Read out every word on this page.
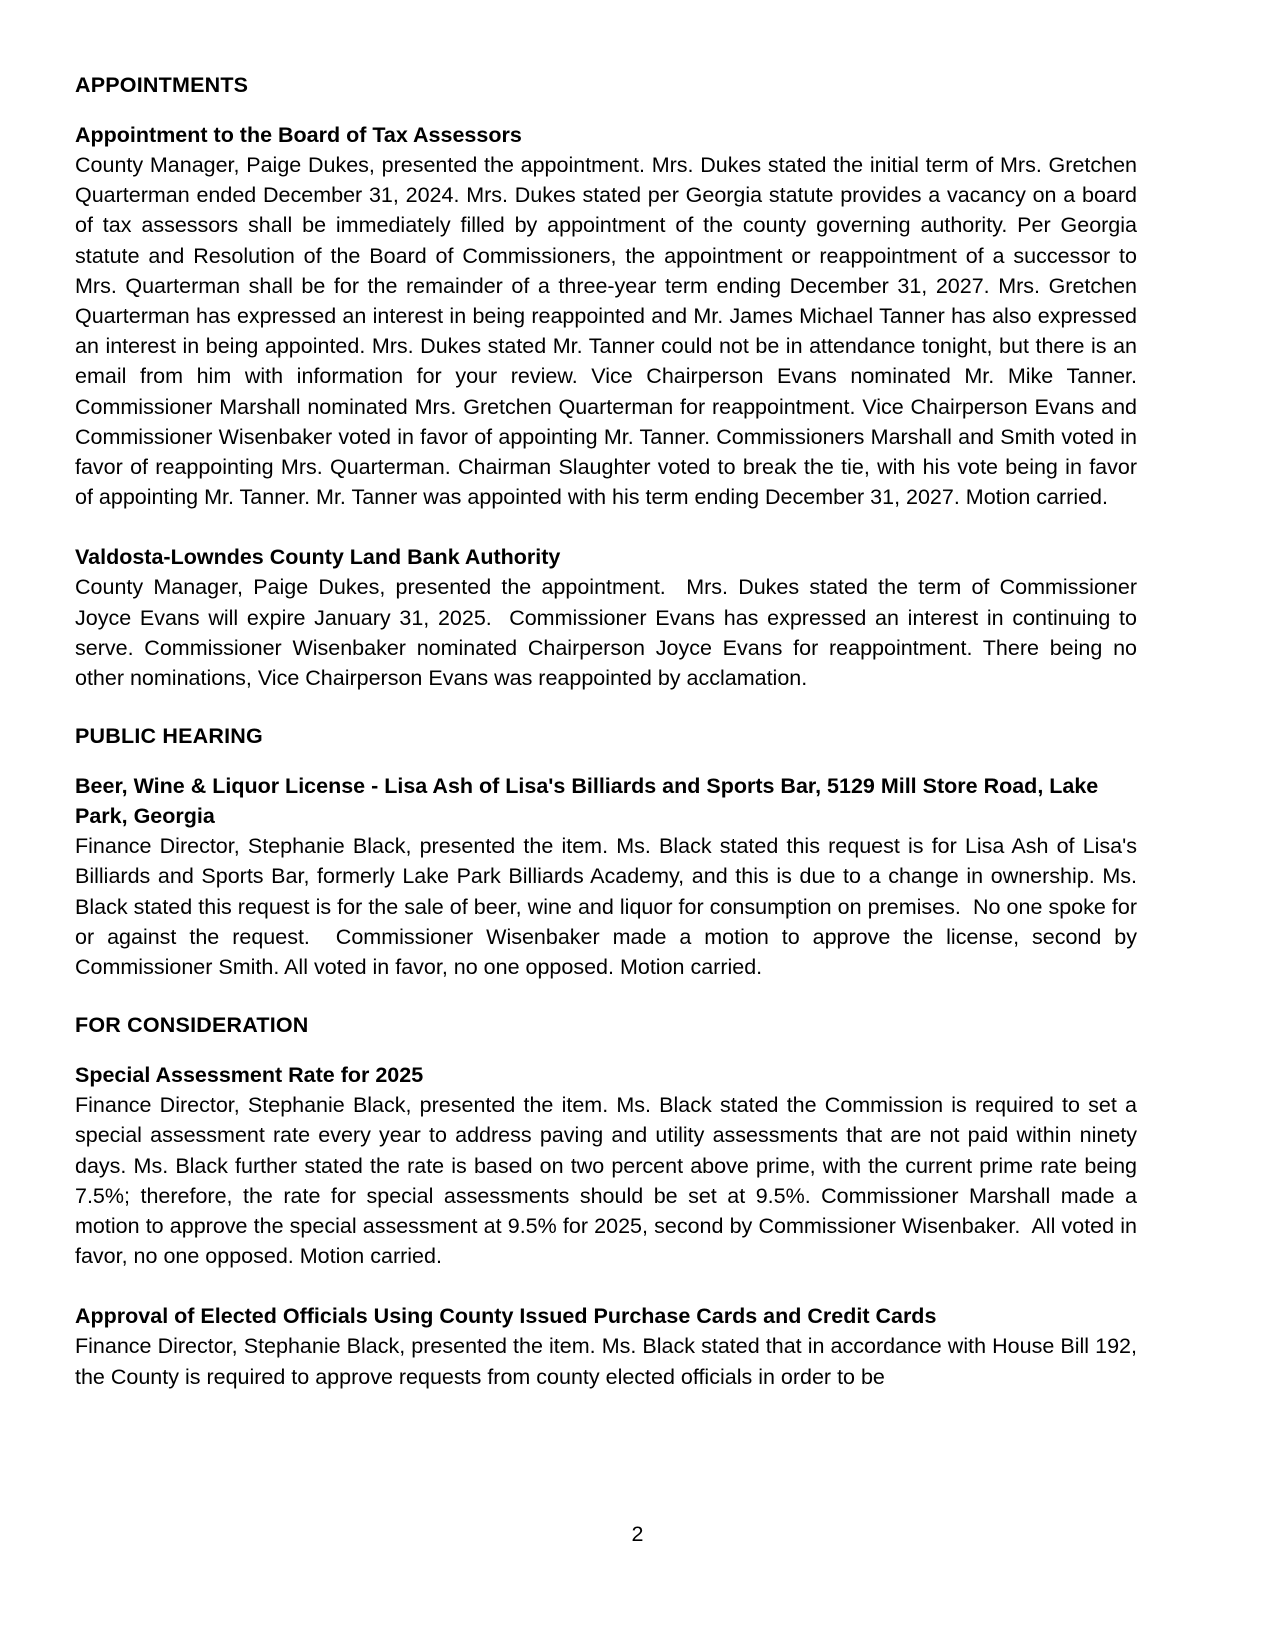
APPOINTMENTS
Appointment to the Board of Tax Assessors
County Manager, Paige Dukes, presented the appointment. Mrs. Dukes stated the initial term of Mrs. Gretchen Quarterman ended December 31, 2024. Mrs. Dukes stated per Georgia statute provides a vacancy on a board of tax assessors shall be immediately filled by appointment of the county governing authority. Per Georgia statute and Resolution of the Board of Commissioners, the appointment or reappointment of a successor to Mrs. Quarterman shall be for the remainder of a three-year term ending December 31, 2027. Mrs. Gretchen Quarterman has expressed an interest in being reappointed and Mr. James Michael Tanner has also expressed an interest in being appointed. Mrs. Dukes stated Mr. Tanner could not be in attendance tonight, but there is an email from him with information for your review. Vice Chairperson Evans nominated Mr. Mike Tanner. Commissioner Marshall nominated Mrs. Gretchen Quarterman for reappointment. Vice Chairperson Evans and Commissioner Wisenbaker voted in favor of appointing Mr. Tanner. Commissioners Marshall and Smith voted in favor of reappointing Mrs. Quarterman. Chairman Slaughter voted to break the tie, with his vote being in favor of appointing Mr. Tanner. Mr. Tanner was appointed with his term ending December 31, 2027. Motion carried.
Valdosta-Lowndes County Land Bank Authority
County Manager, Paige Dukes, presented the appointment.  Mrs. Dukes stated the term of Commissioner Joyce Evans will expire January 31, 2025.  Commissioner Evans has expressed an interest in continuing to serve. Commissioner Wisenbaker nominated Chairperson Joyce Evans for reappointment. There being no other nominations, Vice Chairperson Evans was reappointed by acclamation.
PUBLIC HEARING
Beer, Wine & Liquor License - Lisa Ash of Lisa's Billiards and Sports Bar, 5129 Mill Store Road, Lake Park, Georgia
Finance Director, Stephanie Black, presented the item. Ms. Black stated this request is for Lisa Ash of Lisa's Billiards and Sports Bar, formerly Lake Park Billiards Academy, and this is due to a change in ownership. Ms. Black stated this request is for the sale of beer, wine and liquor for consumption on premises.  No one spoke for or against the request.  Commissioner Wisenbaker made a motion to approve the license, second by Commissioner Smith. All voted in favor, no one opposed. Motion carried.
FOR CONSIDERATION
Special Assessment Rate for 2025
Finance Director, Stephanie Black, presented the item. Ms. Black stated the Commission is required to set a special assessment rate every year to address paving and utility assessments that are not paid within ninety days. Ms. Black further stated the rate is based on two percent above prime, with the current prime rate being 7.5%; therefore, the rate for special assessments should be set at 9.5%. Commissioner Marshall made a motion to approve the special assessment at 9.5% for 2025, second by Commissioner Wisenbaker.  All voted in favor, no one opposed. Motion carried.
Approval of Elected Officials Using County Issued Purchase Cards and Credit Cards
Finance Director, Stephanie Black, presented the item. Ms. Black stated that in accordance with House Bill 192, the County is required to approve requests from county elected officials in order to be
2
